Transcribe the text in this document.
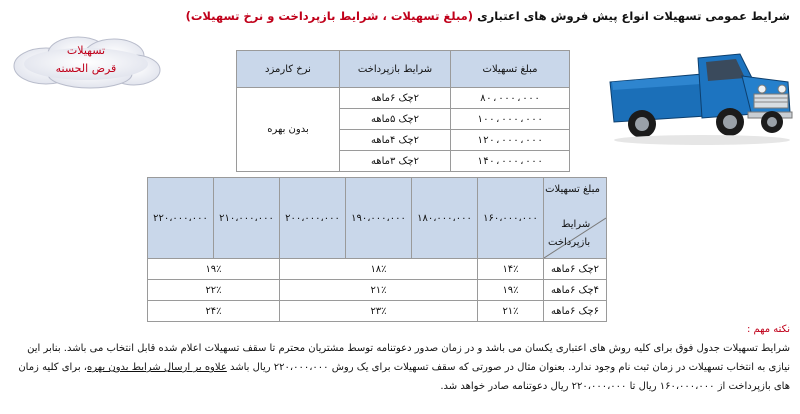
شرایط عمومی تسهیلات انواع پیش فروش های اعتباری (مبلغ تسهیلات ، شرایط بازپرداخت و نرخ تسهیلات)
تسهیلات
قرض الحسنه	مبلغ تسهیلات	شرایط بازپرداخت	نرخ کارمزد
۸۰،۰۰۰،۰۰۰	۲چک ۶ماهه	بدون بهره
۱۰۰،۰۰۰،۰۰۰	۲چک ۵ماهه	
۱۲۰،۰۰۰،۰۰۰	۲چک ۴ماهه	
۱۴۰،۰۰۰،۰۰۰	۲چک ۳ماهه	
مبلغ تسهیلات
شرایط
بازپرداخت	۱۶۰،۰۰۰،۰۰۰	۱۸۰،۰۰۰،۰۰۰	۱۹۰،۰۰۰،۰۰۰	۲۰۰،۰۰۰،۰۰۰	۲۱۰،۰۰۰،۰۰۰	۲۲۰،۰۰۰،۰۰۰
۲چک ۶ماهه	۱۴٪	۱۸٪			۱۹٪	
۴چک ۶ماهه	۱۹٪	۲۱٪			۲۲٪	
۶چک ۶ماهه	۲۱٪	۲۳٪			۲۴٪	
نکته مهم :
شرایط تسهیلات جدول فوق برای کلیه روش های اعتباری یکسان می باشد و در زمان صدور دعوتنامه توسط مشتریان محترم تا سقف تسهیلات اعلام شده قابل انتخاب می باشد. بنابر این
نیازی به انتخاب تسهیلات در زمان ثبت نام وجود ندارد. بعنوان مثال در صورتی که سقف تسهیلات برای یک روش ۲۲۰،۰۰۰،۰۰۰ ریال باشد علاوه بر ارسال شرایط بدون بهره، برای کلیه زمان
های بازپرداخت از ۱۶۰،۰۰۰،۰۰۰ ریال تا ۲۲۰،۰۰۰،۰۰۰ ریال دعوتنامه صادر خواهد شد.
